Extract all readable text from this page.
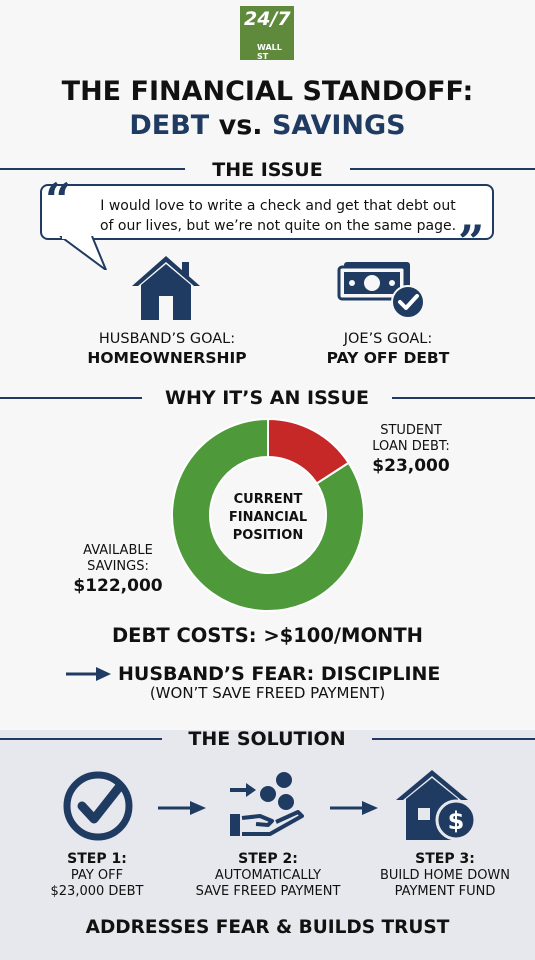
24/7
WALL ST
THE FINANCIAL STANDOFF:
DEBT vs. SAVINGS
THE ISSUE
“
”
I would love to write a check and get that debt out
of our lives, but we’re not quite on the same page.
HUSBAND’S GOAL:
HOMEOWNERSHIP
JOE’S GOAL:
PAY OFF DEBT
WHY IT’S AN ISSUE
CURRENT
FINANCIAL
POSITION
STUDENT
LOAN DEBT:
$23,000
AVAILABLE
SAVINGS:
$122,000
DEBT COSTS: >$100/MONTH
HUSBAND’S FEAR: DISCIPLINE
(WON’T SAVE FREED PAYMENT)
THE SOLUTION
$
STEP 1:
PAY OFF
$23,000 DEBT
STEP 2:
AUTOMATICALLY
SAVE FREED PAYMENT
STEP 3:
BUILD HOME DOWN
PAYMENT FUND
ADDRESSES FEAR & BUILDS TRUST
